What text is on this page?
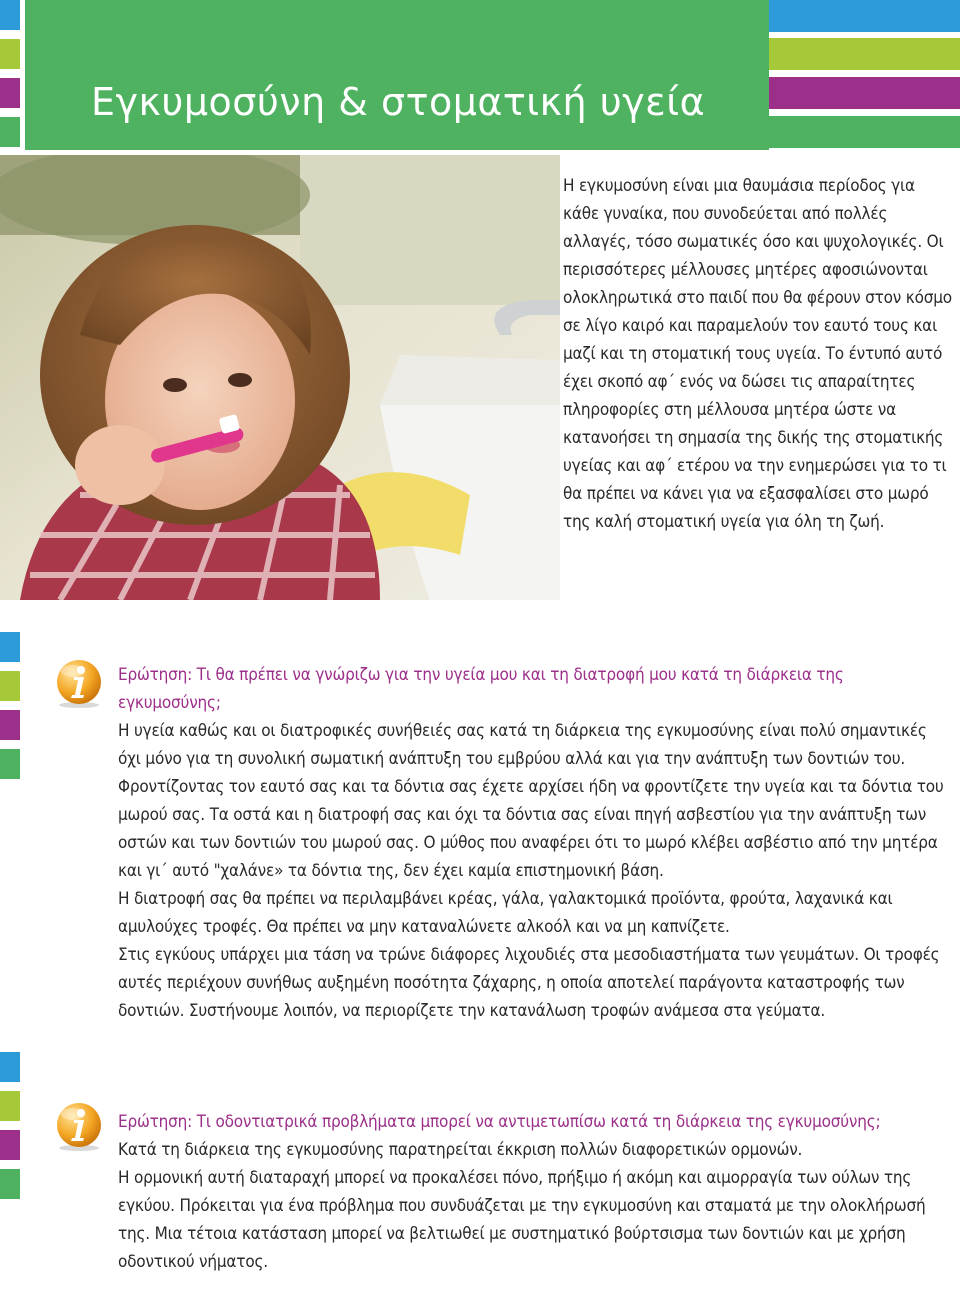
Εγκυμοσύνη & στοματική υγεία

Η εγκυμοσύνη είναι μια θαυμάσια περίοδος για κάθε γυναίκα, που συνοδεύεται από πολλές αλλαγές, τόσο σωματικές όσο και ψυχολογικές. Οι περισσότερες μέλλουσες μητέρες αφοσιώνονται ολοκληρωτικά στο παιδί που θα φέρουν στον κόσμο σε λίγο καιρό και παραμελούν τον εαυτό τους και μαζί και τη στοματική τους υγεία. Το έντυπό αυτό έχει σκοπό αφ΄ ενός να δώσει τις απαραίτητες πληροφορίες στη μέλλουσα μητέρα ώστε να κατανοήσει τη σημασία της δικής της στοματικής υγείας και αφ΄ ετέρου να την ενημερώσει για το τι θα πρέπει να κάνει για να εξασφαλίσει στο μωρό της καλή στοματική υγεία για όλη τη ζωή.

Ερώτηση: Τι θα πρέπει να γνώριζω για την υγεία μου και τη διατροφή μου κατά τη διάρκεια της εγκυμοσύνης;

Η υγεία καθώς και οι διατροφικές συνήθειές σας κατά τη διάρκεια της εγκυμοσύνης είναι πολύ σημαντικές όχι μόνο για τη συνολική σωματική ανάπτυξη του εμβρύου αλλά και για την ανάπτυξη των δοντιών του. Φροντίζοντας τον εαυτό σας και τα δόντια σας έχετε αρχίσει ήδη να φροντίζετε την υγεία και τα δόντια του μωρού σας. Τα οστά και η διατροφή σας και όχι τα δόντια σας είναι πηγή ασβεστίου για την ανάπτυξη των οστών και των δοντιών του μωρού σας. Ο μύθος που αναφέρει ότι το μωρό κλέβει ασβέστιο από την μητέρα και γι΄ αυτό "χαλάνε» τα δόντια της, δεν έχει καμία επιστημονική βάση.

Η διατροφή σας θα πρέπει να περιλαμβάνει κρέας, γάλα, γαλακτομικά προϊόντα, φρούτα, λαχανικά και αμυλούχες τροφές. Θα πρέπει να μην καταναλώνετε αλκοόλ και να μη καπνίζετε.

Στις εγκύους υπάρχει μια τάση να τρώνε διάφορες λιχουδιές στα μεσοδιαστήματα των γευμάτων. Οι τροφές αυτές περιέχουν συνήθως αυξημένη ποσότητα ζάχαρης, η οποία αποτελεί παράγοντα καταστροφής των δοντιών. Συστήνουμε λοιπόν, να περιορίζετε την κατανάλωση τροφών ανάμεσα στα γεύματα.

Ερώτηση: Τι οδοντιατρικά προβλήματα μπορεί να αντιμετωπίσω κατά τη διάρκεια της εγκυμοσύνης;

Κατά τη διάρκεια της εγκυμοσύνης παρατηρείται έκκριση πολλών διαφορετικών ορμονών.

Η ορμονική αυτή διαταραχή μπορεί να προκαλέσει πόνο, πρήξιμο ή ακόμη και αιμορραγία των ούλων της εγκύου. Πρόκειται για ένα πρόβλημα που συνδυάζεται με την εγκυμοσύνη και σταματά με την ολοκλήρωσή της. Μια τέτοια κατάσταση μπορεί να βελτιωθεί με συστηματικό βούρτσισμα των δοντιών και με χρήση οδοντικού νήματος.
